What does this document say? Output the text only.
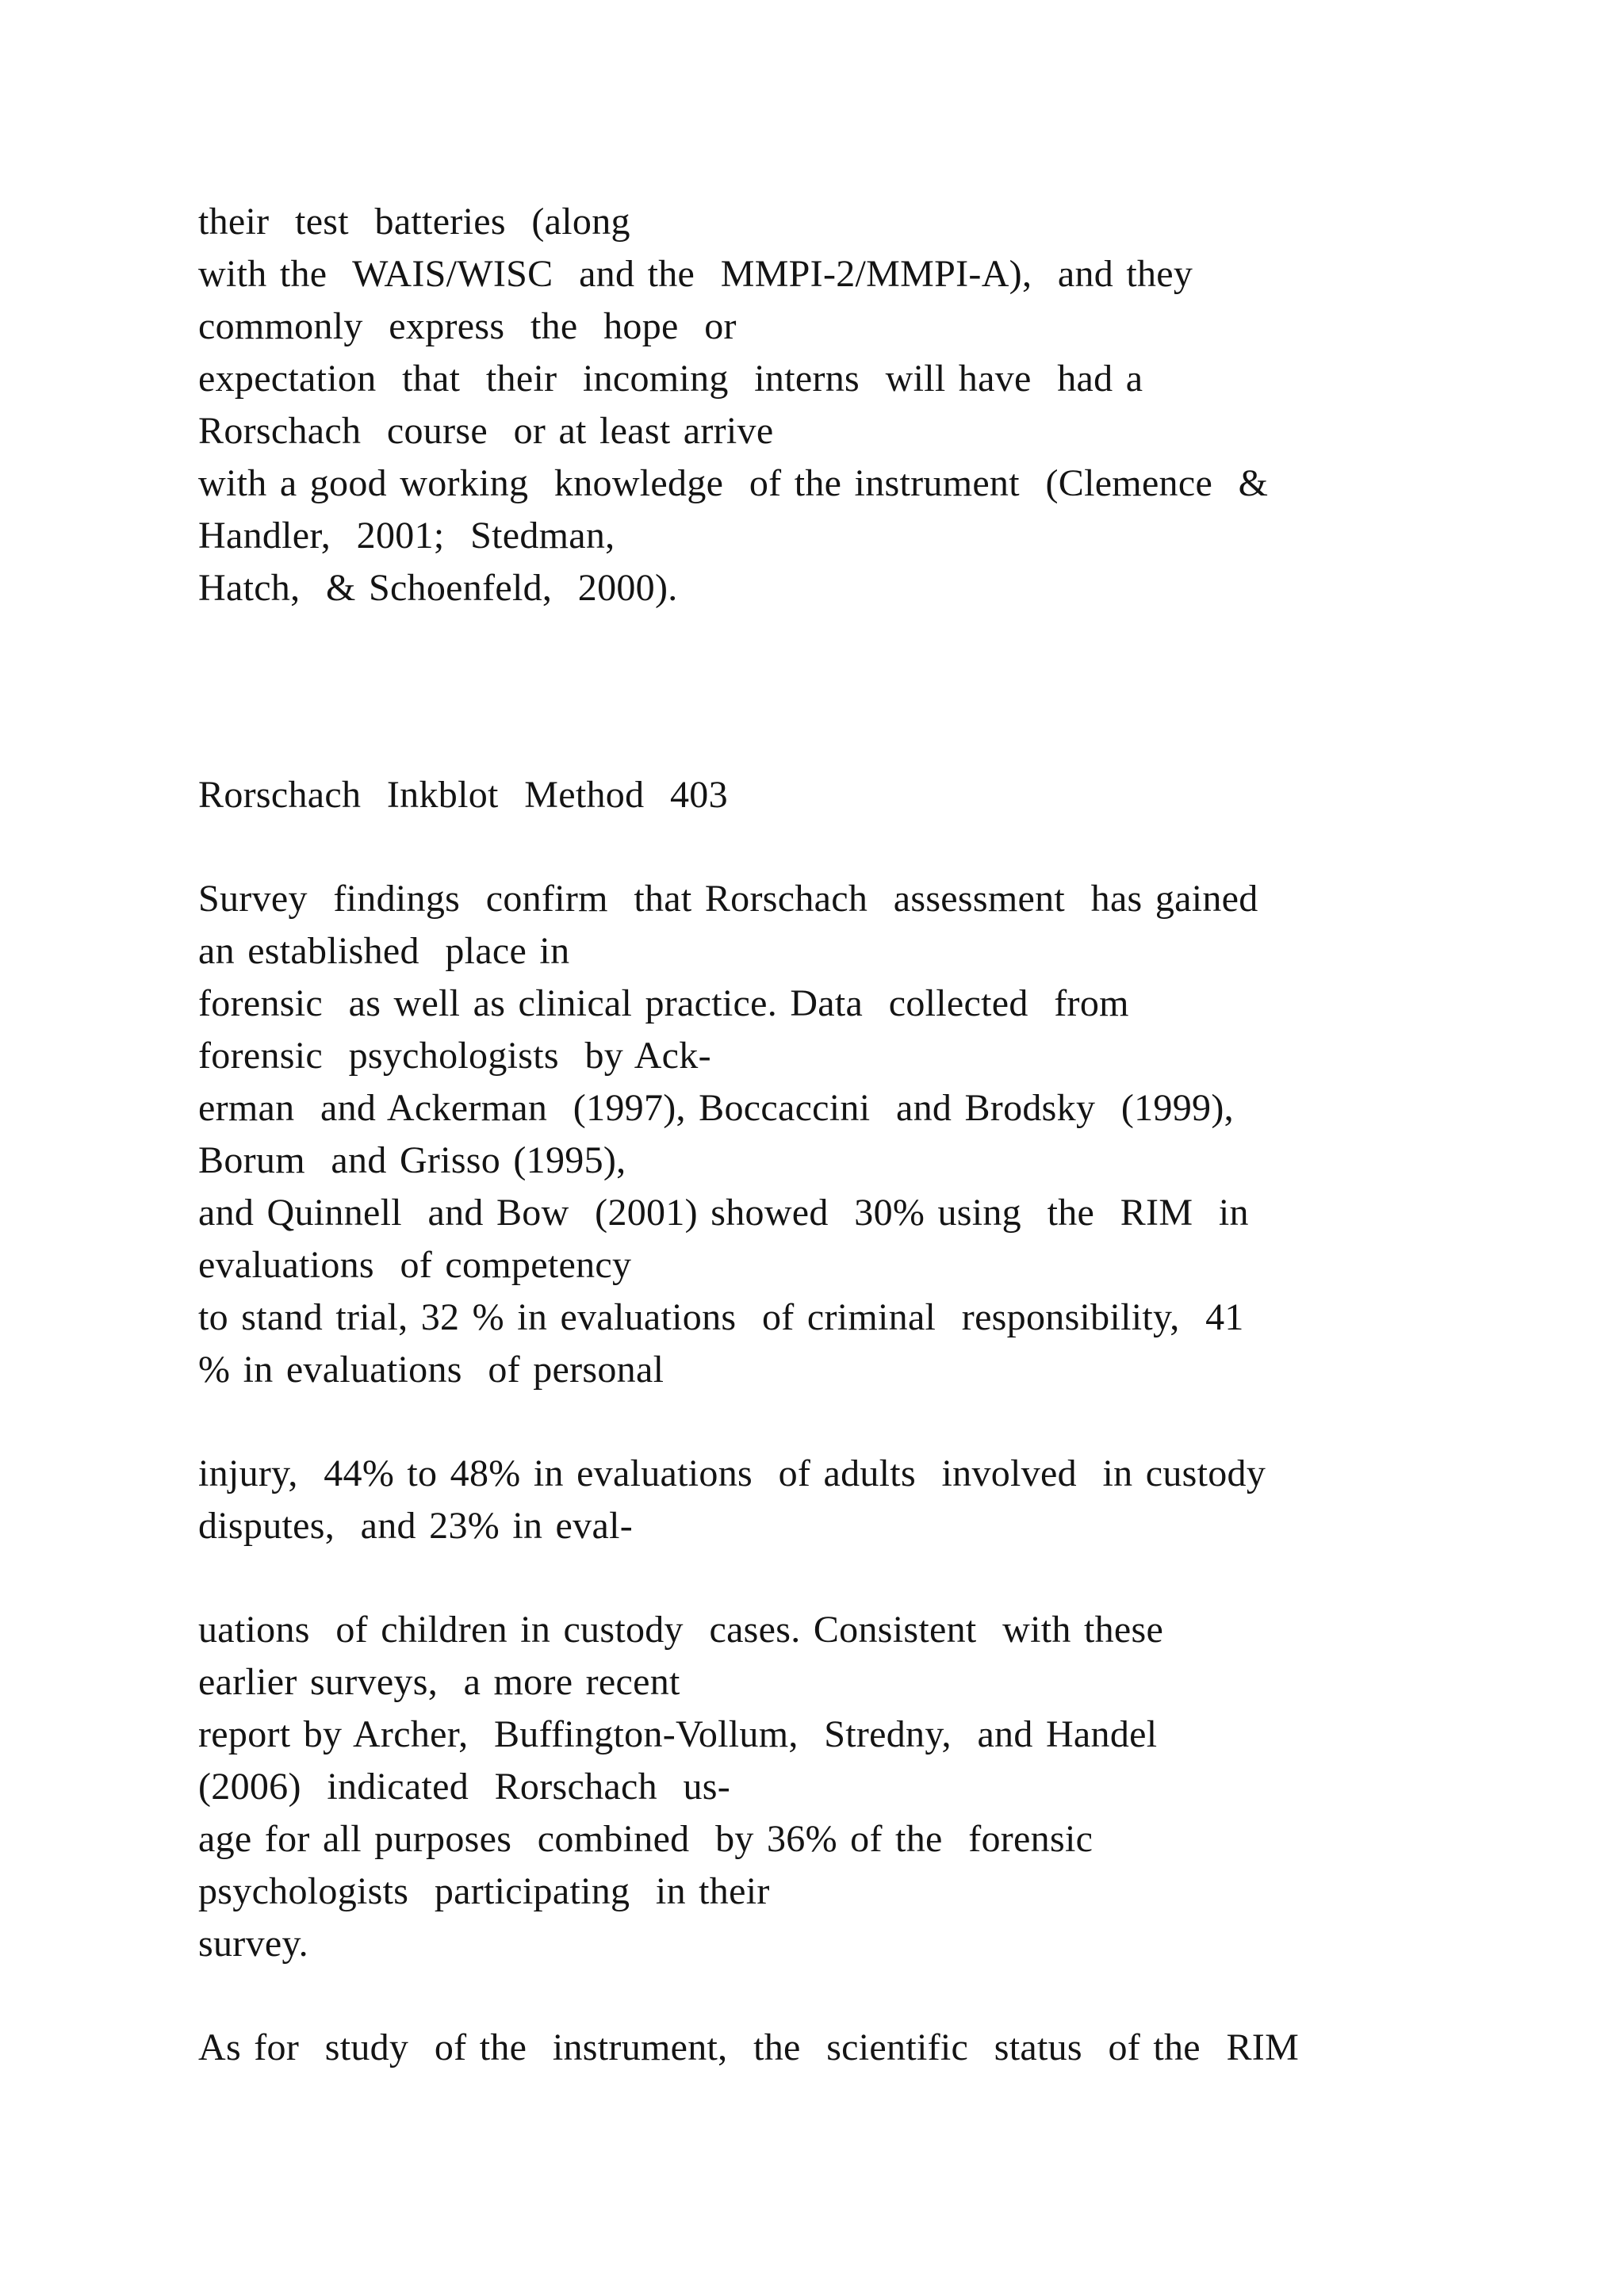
their  test  batteries  (along

with the  WAIS/WISC  and the  MMPI-2/MMPI-A),  and they

commonly  express  the  hope  or

expectation  that  their  incoming  interns  will have  had a

Rorschach  course  or at least arrive

with a good working  knowledge  of the instrument  (Clemence  &

Handler,  2001;  Stedman,

Hatch,  & Schoenfeld,  2000).

Rorschach  Inkblot  Method  403

Survey  findings  confirm  that Rorschach  assessment  has gained

an established  place in

forensic  as well as clinical practice. Data  collected  from

forensic  psychologists  by Ack-

erman  and Ackerman  (1997), Boccaccini  and Brodsky  (1999),

Borum  and Grisso (1995),

and Quinnell  and Bow  (2001) showed  30% using  the  RIM  in

evaluations  of competency

to stand trial, 32 % in evaluations  of criminal  responsibility,  41

% in evaluations  of personal

injury,  44% to 48% in evaluations  of adults  involved  in custody

disputes,  and 23% in eval-

uations  of children in custody  cases. Consistent  with these

earlier surveys,  a more recent

report by Archer,  Buffington-Vollum,  Stredny,  and Handel

(2006)  indicated  Rorschach  us-

age for all purposes  combined  by 36% of the  forensic

psychologists  participating  in their

survey.

As for  study  of the  instrument,  the  scientific  status  of the  RIM
